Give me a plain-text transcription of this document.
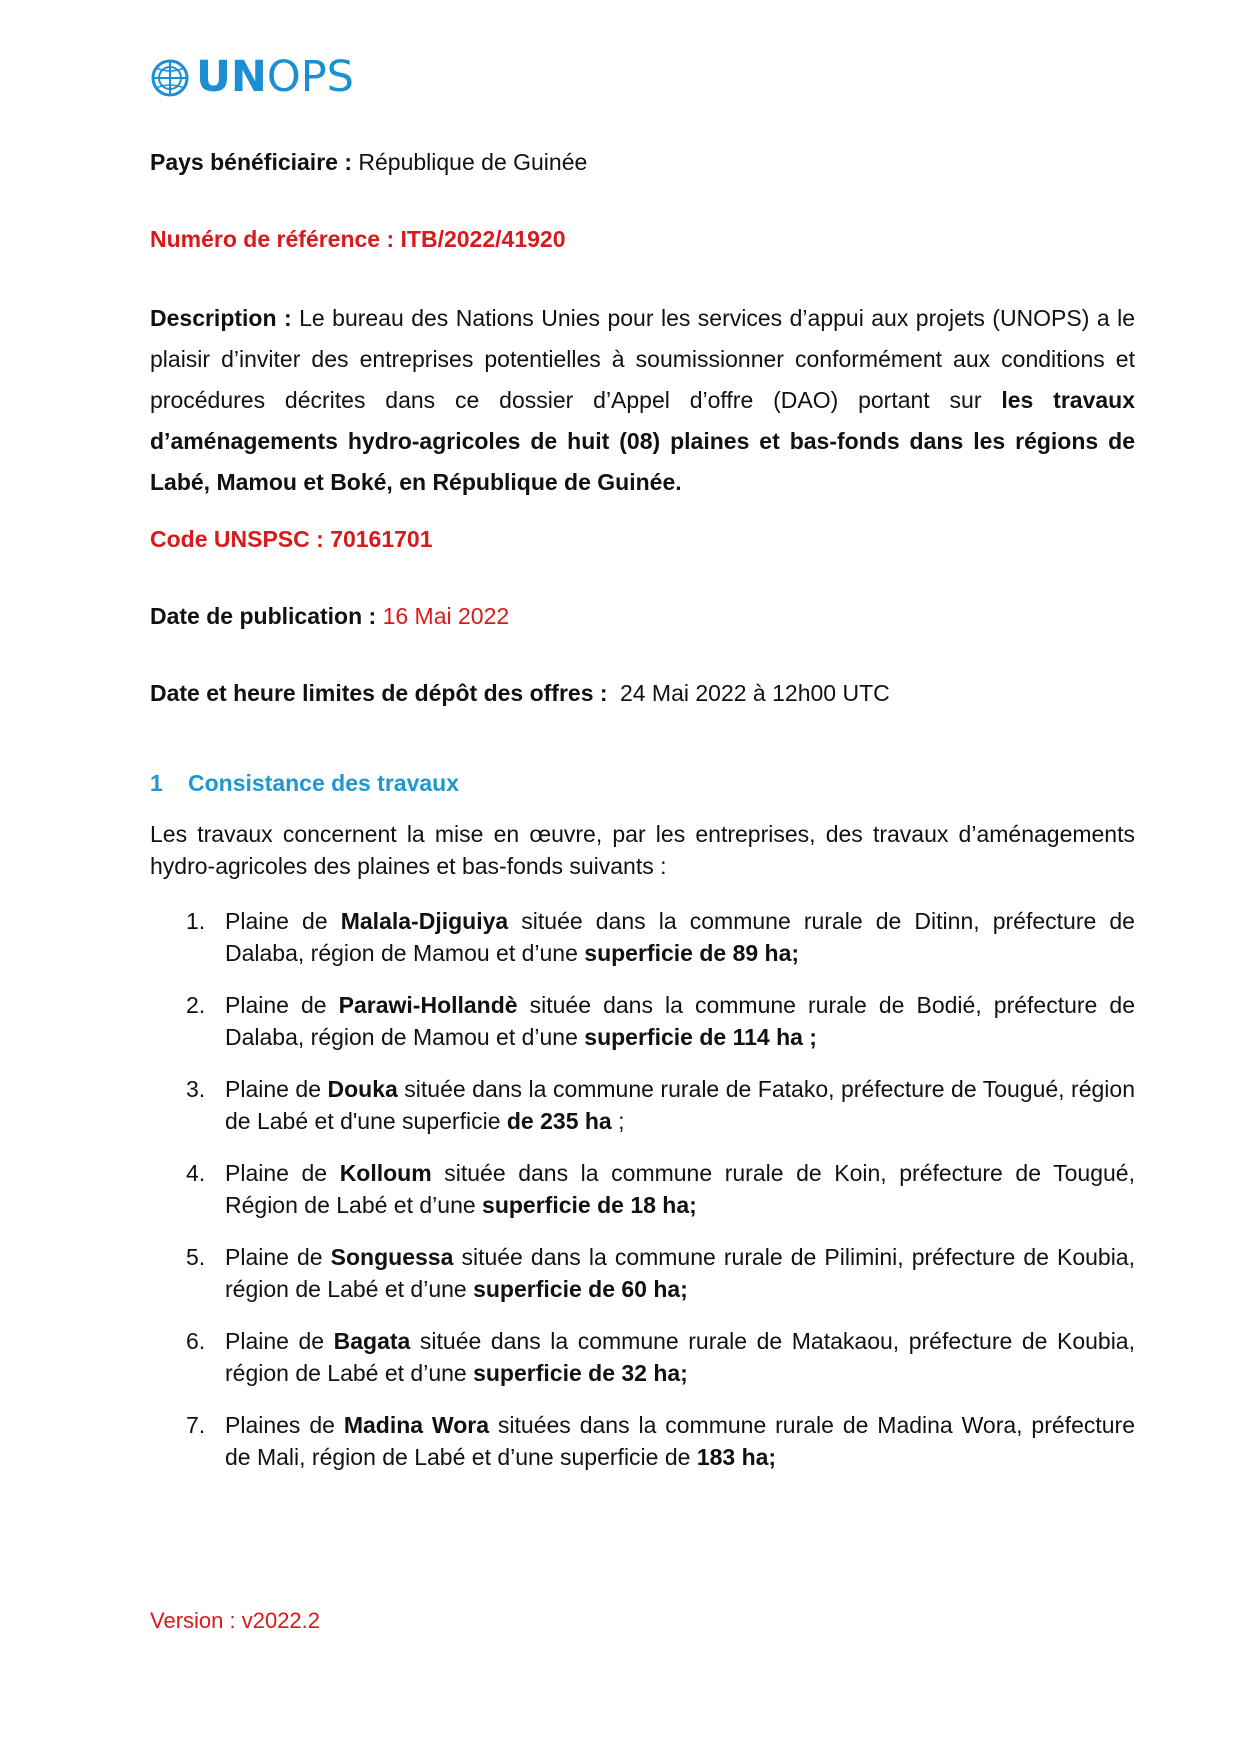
UNOPS
Pays bénéficiaire : République de Guinée
Numéro de référence : ITB/2022/41920
Description : Le bureau des Nations Unies pour les services d’appui aux projets (UNOPS) a le plaisir d’inviter des entreprises potentielles à soumissionner conformément aux conditions et procédures décrites dans ce dossier d’Appel d’offre (DAO) portant sur les travaux d’aménagements hydro-agricoles de huit (08) plaines et bas-fonds dans les régions de Labé, Mamou et Boké, en République de Guinée.
Code UNSPSC : 70161701
Date de publication : 16 Mai 2022
Date et heure limites de dépôt des offres : 24 Mai 2022 à 12h00 UTC
1 Consistance des travaux
Les travaux concernent la mise en œuvre, par les entreprises, des travaux d’aménagements hydro-agricoles des plaines et bas-fonds suivants :
1. Plaine de Malala-Djiguiya située dans la commune rurale de Ditinn, préfecture de Dalaba, région de Mamou et d’une superficie de 89 ha;
2. Plaine de Parawi-Hollandè située dans la commune rurale de Bodié, préfecture de Dalaba, région de Mamou et d’une superficie de 114 ha ;
3. Plaine de Douka située dans la commune rurale de Fatako, préfecture de Tougué, région de Labé et d'une superficie de 235 ha ;
4. Plaine de Kolloum située dans la commune rurale de Koin, préfecture de Tougué, Région de Labé et d’une superficie de 18 ha;
5. Plaine de Songuessa située dans la commune rurale de Pilimini, préfecture de Koubia, région de Labé et d’une superficie de 60 ha;
6. Plaine de Bagata située dans la commune rurale de Matakaou, préfecture de Koubia, région de Labé et d’une superficie de 32 ha;
7. Plaines de Madina Wora situées dans la commune rurale de Madina Wora, préfecture de Mali, région de Labé et d’une superficie de 183 ha;
Version : v2022.2
